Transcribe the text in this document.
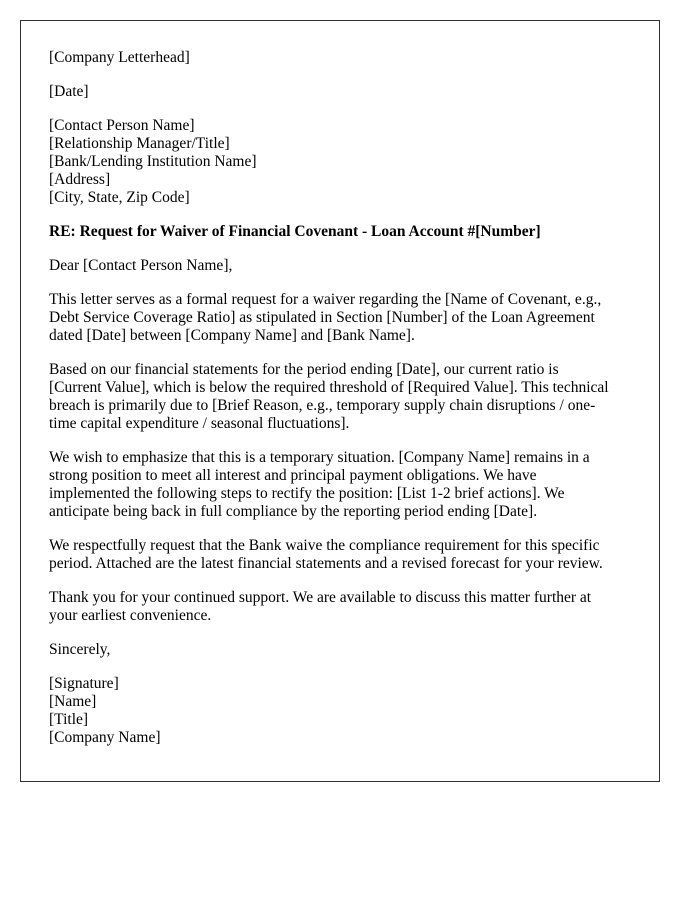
[Company Letterhead]
[Date]
[Contact Person Name]
[Relationship Manager/Title]
[Bank/Lending Institution Name]
[Address]
[City, State, Zip Code]
RE: Request for Waiver of Financial Covenant - Loan Account #[Number]
Dear [Contact Person Name],
This letter serves as a formal request for a waiver regarding the [Name of Covenant, e.g.,
Debt Service Coverage Ratio] as stipulated in Section [Number] of the Loan Agreement
dated [Date] between [Company Name] and [Bank Name].
Based on our financial statements for the period ending [Date], our current ratio is
[Current Value], which is below the required threshold of [Required Value]. This technical
breach is primarily due to [Brief Reason, e.g., temporary supply chain disruptions / one-
time capital expenditure / seasonal fluctuations].
We wish to emphasize that this is a temporary situation. [Company Name] remains in a
strong position to meet all interest and principal payment obligations. We have
implemented the following steps to rectify the position: [List 1-2 brief actions]. We
anticipate being back in full compliance by the reporting period ending [Date].
We respectfully request that the Bank waive the compliance requirement for this specific
period. Attached are the latest financial statements and a revised forecast for your review.
Thank you for your continued support. We are available to discuss this matter further at
your earliest convenience.
Sincerely,
[Signature]
[Name]
[Title]
[Company Name]
